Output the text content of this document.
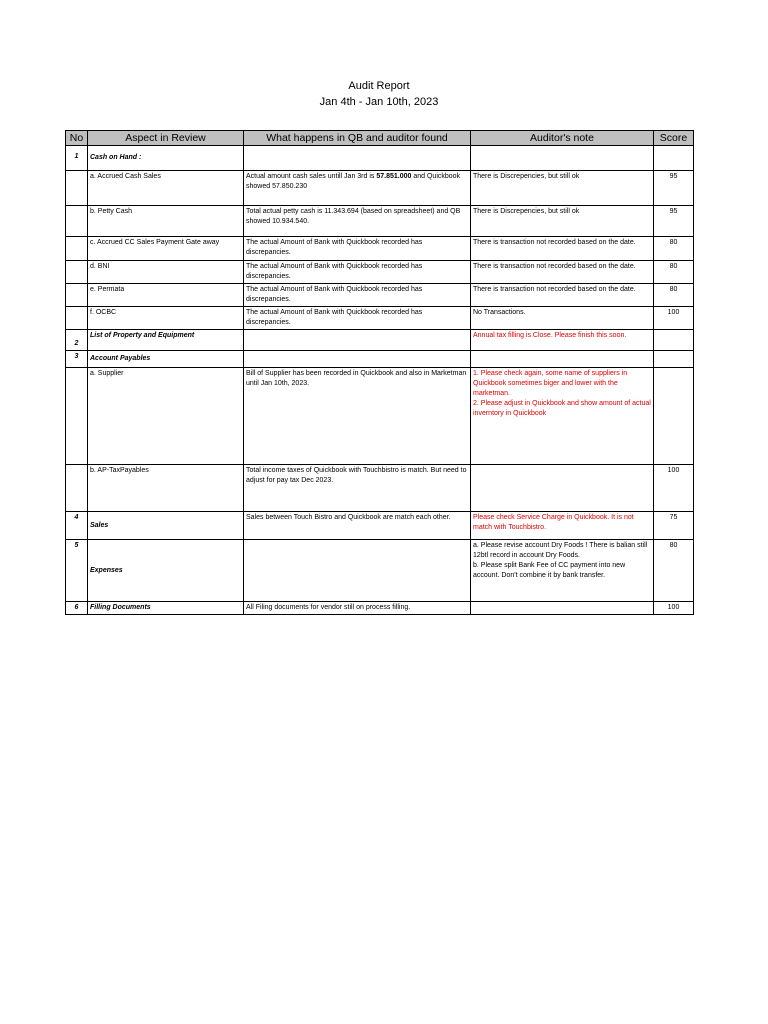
Audit Report
Jan 4th - Jan 10th, 2023
No	Aspect in Review	What happens in QB and auditor found	Auditor's note	Score
1	Cash on Hand :			
	a. Accrued Cash Sales	Actual amount cash sales untill Jan 3rd is 57.851.000 and Quickbook showed 57.850.230	There is Discrepencies, but still ok	95
	b. Petty Cash	Total actual petty cash is 11.343.694 (based on spreadsheet) and QB showed 10.934.540.	There is Discrepencies, but still ok	95
	c. Accrued CC Sales Payment Gate away	The actual Amount of Bank with Quickbook recorded has discrepancies.	There is transaction not recorded based on the date.	80
	d. BNI	The actual Amount of Bank with Quickbook recorded has discrepancies.	There is transaction not recorded based on the date.	80
	e. Permata	The actual Amount of Bank with Quickbook recorded has discrepancies.	There is transaction not recorded based on the date.	80
	f. OCBC	The actual Amount of Bank with Quickbook recorded has discrepancies.	No Transactions.	100
2	List of Property and Equipment		Annual tax filling is Close. Please finish this soon.	
3	Account Payables			
	a. Supplier	Bill of Supplier has been recorded in Quickbook and also in Marketman until Jan 10th, 2023.	1. Please check again, some name of suppliers in Quickbook sometimes biger and lower with the marketman.
2. Please adjust in Quickbook and show amount of actual inverntory in Quickbook	

	b. AP-TaxPayables	Total income taxes of Quickbook with Touchbistro is match. But need to adjust for pay tax Dec 2023.		100
4	Sales	Sales between Touch Bistro and Quickbook are match each other.	Please check Service Charge in Quickbook. It is not match with Touchbistro.	75
5	Expenses		a. Please revise account Dry Foods ! There is balian still 12btl record in account Dry Foods.
b. Please split Bank Fee of CC payment into new account. Don't combine it by bank transfer.	80
6	Filling Documents	All Filing documents for vendor still on process filling.		100
